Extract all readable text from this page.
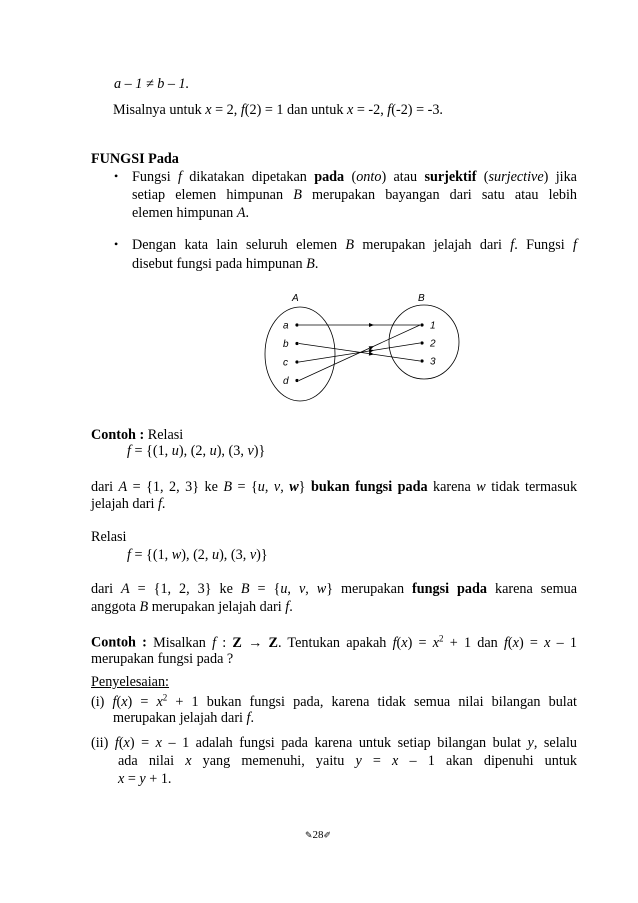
a – 1 ≠ b – 1.
Misalnya untuk x = 2, f(2) = 1 dan untuk x = -2, f(-2) = -3.
FUNGSI Pada
• Fungsi f dikatakan dipetakan pada (onto) atau surjektif (surjective) jika
setiap elemen himpunan B merupakan bayangan dari satu atau lebih
elemen himpunan A.
• Dengan kata lain seluruh elemen B merupakan jelajah dari f. Fungsi f
disebut fungsi pada himpunan B.
A	B
a
b
c
d
1
2
3
Contoh : Relasi
f = {(1, u), (2, u), (3, v)}
dari A = {1, 2, 3} ke B = {u, v, w} bukan fungsi pada karena w tidak termasuk
jelajah dari f.
Relasi
f = {(1, w), (2, u), (3, v)}
dari A = {1, 2, 3} ke B = {u, v, w} merupakan fungsi pada karena semua
anggota B merupakan jelajah dari f.
Contoh : Misalkan f : Z → Z. Tentukan apakah $f(x) = x^2 + 1$ dan f(x) = x – 1
merupakan fungsi pada ?
Penyelesaian:
(i) $f(x) = x^2 + 1$ bukan fungsi pada, karena tidak semua nilai bilangan bulat
merupakan jelajah dari f.
(ii) f(x) = x – 1 adalah fungsi pada karena untuk setiap bilangan bulat y, selalu
ada nilai x yang memenuhi, yaitu y = x – 1 akan dipenuhi untuk
x = y + 1.
✎28✐
